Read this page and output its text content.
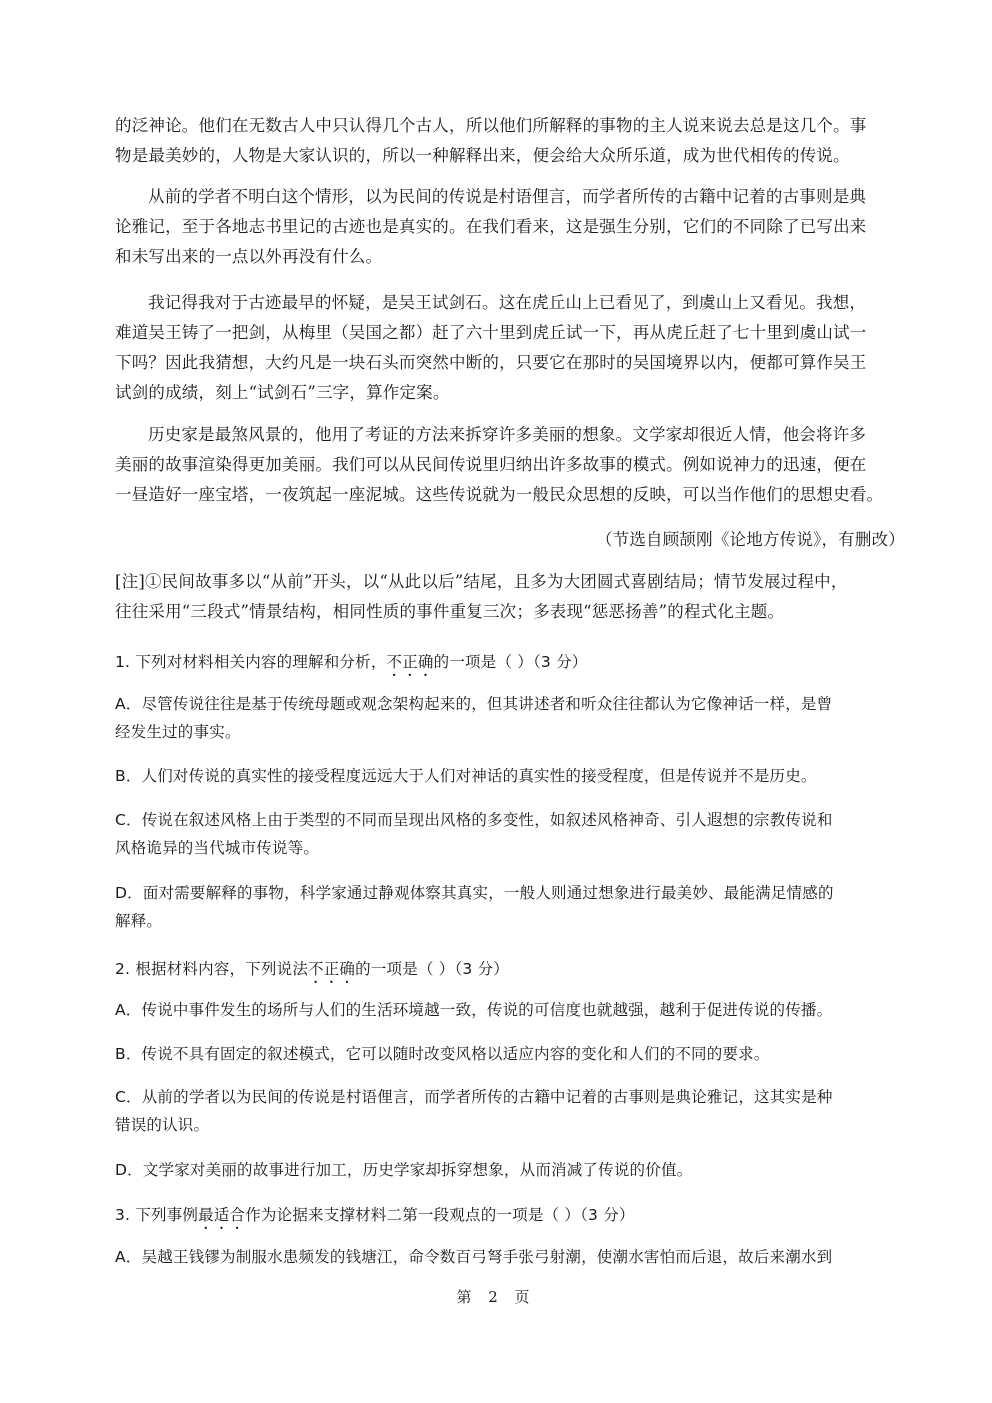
的泛神论。他们在无数古人中只认得几个古人，所以他们所解释的事物的主人说来说去总是这几个。事
物是最美妙的，人物是大家认识的，所以一种解释出来，便会给大众所乐道，成为世代相传的传说。
从前的学者不明白这个情形，以为民间的传说是村语俚言，而学者所传的古籍中记着的古事则是典
论雅记，至于各地志书里记的古迹也是真实的。在我们看来，这是强生分别，它们的不同除了已写出来
和未写出来的一点以外再没有什么。
我记得我对于古迹最早的怀疑，是吴王试剑石。这在虎丘山上已看见了，到虞山上又看见。我想，
难道吴王铸了一把剑，从梅里（吴国之都）赶了六十里到虎丘试一下，再从虎丘赶了七十里到虞山试一
下吗？因此我猜想，大约凡是一块石头而突然中断的，只要它在那时的吴国境界以内，便都可算作吴王
试剑的成绩，刻上“试剑石”三字，算作定案。
历史家是最煞风景的，他用了考证的方法来拆穿许多美丽的想象。文学家却很近人情，他会将许多
美丽的故事渲染得更加美丽。我们可以从民间传说里归纳出许多故事的模式。例如说神力的迅速，便在
一昼造好一座宝塔，一夜筑起一座泥城。这些传说就为一般民众思想的反映，可以当作他们的思想史看。
（节选自顾颉刚《论地方传说》，有删改）
[注]①民间故事多以“从前”开头，以“从此以后”结尾，且多为大团圆式喜剧结局；情节发展过程中，
往往采用“三段式”情景结构，相同性质的事件重复三次；多表现“惩恶扬善”的程式化主题。
1. 下列对材料相关内容的理解和分析，不正确的一项是（ ）（3 分）
A．尽管传说往往是基于传统母题或观念架构起来的，但其讲述者和听众往往都认为它像神话一样，是曾
经发生过的事实。
B．人们对传说的真实性的接受程度远远大于人们对神话的真实性的接受程度，但是传说并不是历史。
C．传说在叙述风格上由于类型的不同而呈现出风格的多变性，如叙述风格神奇、引人遐想的宗教传说和
风格诡异的当代城市传说等。
D．面对需要解释的事物，科学家通过静观体察其真实，一般人则通过想象进行最美妙、最能满足情感的
解释。
2. 根据材料内容，下列说法不正确的一项是（ ）（3 分）
A．传说中事件发生的场所与人们的生活环境越一致，传说的可信度也就越强，越利于促进传说的传播。
B．传说不具有固定的叙述模式，它可以随时改变风格以适应内容的变化和人们的不同的要求。
C．从前的学者以为民间的传说是村语俚言，而学者所传的古籍中记着的古事则是典论雅记，这其实是种
错误的认识。
D．文学家对美丽的故事进行加工，历史学家却拆穿想象，从而消减了传说的价值。
3. 下列事例最适合作为论据来支撑材料二第一段观点的一项是（ ）（3 分）
A．吴越王钱镠为制服水患频发的钱塘江，命令数百弓弩手张弓射潮，使潮水害怕而后退，故后来潮水到
第 2 页
